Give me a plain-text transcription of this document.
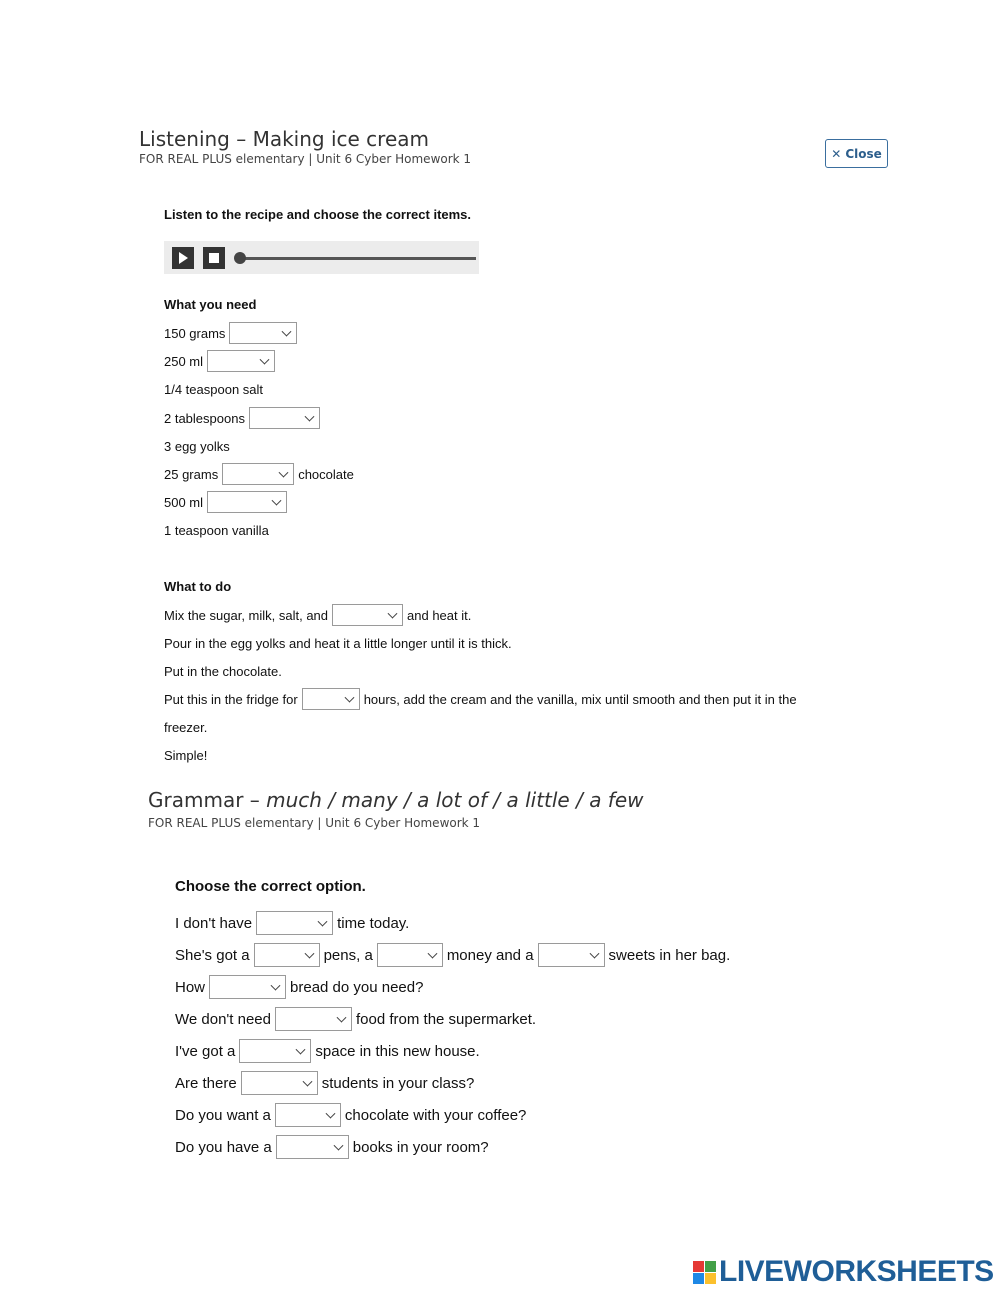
Listening – Making ice cream
FOR REAL PLUS elementary | Unit 6 Cyber Homework 1	✕ Close
Listen to the recipe and choose the correct items.
What you need
150 grams
250 ml
1/4 teaspoon salt
2 tablespoons
3 egg yolks
25 grams	chocolate
500 ml
1 teaspoon vanilla
What to do
Mix the sugar, milk, salt, and	and heat it.
Pour in the egg yolks and heat it a little longer until it is thick.
Put in the chocolate.
Put this in the fridge for	hours, add the cream and the vanilla, mix until smooth and then put it in the
freezer.
Simple!
Grammar – much / many / a lot of / a little / a few
FOR REAL PLUS elementary | Unit 6 Cyber Homework 1
Choose the correct option.
I don't have	time today.
She's got a	pens, a	money and a	sweets in her bag.
How	bread do you need?
We don't need	food from the supermarket.
I've got a	space in this new house.
Are there	students in your class?
Do you want a	chocolate with your coffee?
Do you have a	books in your room?
LIVEWORKSHEETS
